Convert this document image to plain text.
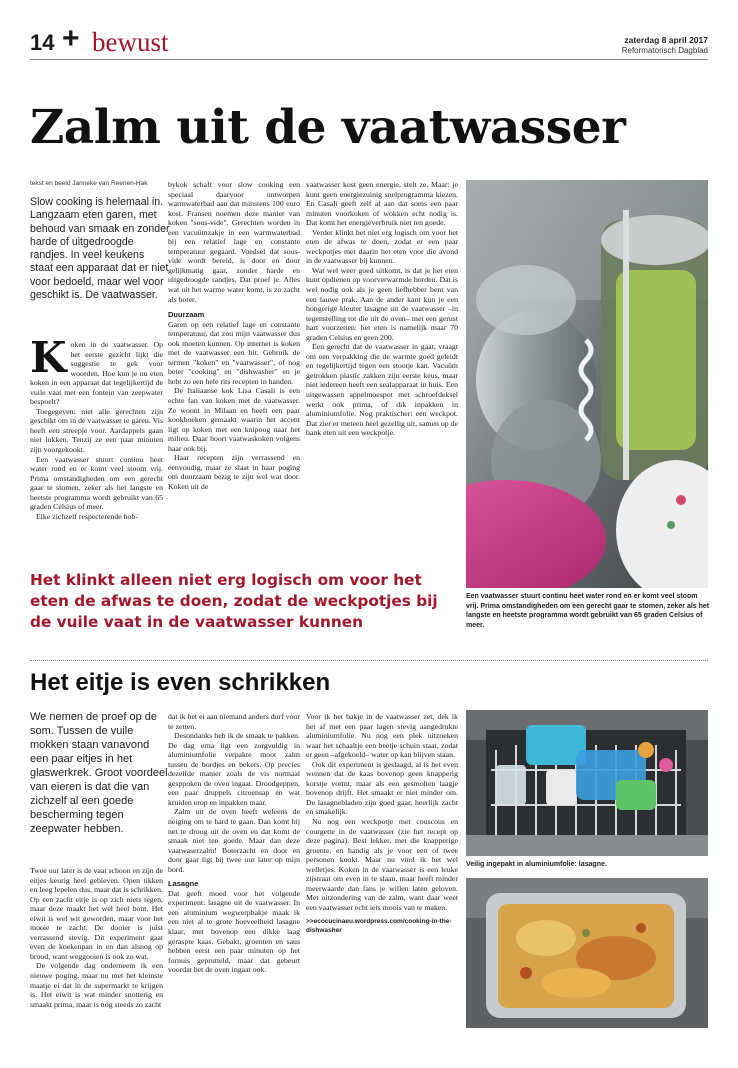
14 + bewust	zaterdag 8 april 2017
Reformatorisch Dagblad
Zalm uit de vaatwasser
tekst en beeld Janneke van Reenen-Hak
Slow cooking is helemaal in. Langzaam eten garen, met behoud van smaak en zonder harde of uitgedroogde randjes. In veel keukens staat een apparaat dat er niet voor bedoeld, maar wel voor geschikt is. De vaatwasser.
K oken in de vaatwasser. Op het eerste gezicht lijkt die suggestie te gek voor woorden. Hoe kun je nu eten koken in een apparaat dat tegelijkertijd de vuile vaat met een fontein van zeepwater bespoelt?

Toegegeven: niet alle gerechten zijn geschikt om in de vaatwasser te garen. Vis heeft een streepje voor. Aardappels gaan niet lukken. Tenzij ze een paar minuten zijn voorgekookt.

Een vaatwasser stuurt continu heet water rond en er komt veel stoom vrij. Prima omstandigheden om een gerecht gaar te stomen, zeker als het langste en heetste programma wordt gebruikt van 65 graden Celsius of meer.

Elke zichzelf respecterende hob-

bykok schaft voor slow cooking een speciaal daarvoor ontworpen warmwaterbad aan dat minstens 100 euro kost. Fransen noemen deze manier van koken "sous-vide". Gerechten worden in een vacuümzakje in een warmwaterbad bij een relatief lage en constante temperatuur gegaard. Voedsel dat sous-vide wordt bereid, is door en door gelijkmatig gaar, zonder harde en uitgedroogde randjes. Dat proef je. Alles wat uit het warme water komt, is zo zacht als boter.

Duurzaam

Garen op een relatief lage en constante temperatuur, dat zou mijn vaatwasser dus ook moeten kunnen. Op internet is koken met de vaatwasser een hit. Gebruik de termen "koken" en "vaatwasser", of nog beter "cooking" en "dishwasher" en je hebt zo een hele rits recepten in handen.

De Italiaanse kok Lisa Casali is een echte fan van koken met de vaatwasser. Ze woont in Milaan en heeft een paar kookboeken gemaakt waarin het accent ligt op koken met een knipoog naar het milieu. Daar hoort vaatwaskoken volgens haar ook bij.

Haar recepten zijn verrassend en eenvoudig, maar ze slaat in haar poging om duurzaam bezig te zijn wel wat door. Koken uit de

vaatwasser kost geen energie, stelt ze. Maar: je kunt geen energiezuinig snelprogramma kiezen. En Casali geeft zelf al aan dat soms een paar minuten voorkoken of wokken echt nodig is. Dat komt het energieverbruik niet ten goede.

Verder klinkt het niet erg logisch om voor het eten de afwas te doen, zodat er een paar weckpotjes met daarin het eten voor die avond in de vaatwasser bij kunnen.

Wat wel weer goed uitkomt, is dat je het eten kunt opdienen op voorverwarmde borden. Dat is wel nodig ook als je geen liefhebber bent van een lauwe prak. Aan de ander kant kun je een hongerige kleuter lasagne uit de vaatwasser –in tegenstelling tot die uit de oven– met een gerust hart voorzetten: het eten is namelijk maar 70 graden Celsius en geen 200.

Een gerecht dat de vaatwasser in gaat, vraagt om een verpakking die de warmte goed geleidt en tegelijkertijd tegen een stootje kan. Vacuüm getrokken plastic zakken zijn eerste keus, maar niet iedereen heeft een sealapparaat in huis. Een uitgewassen appelmoespot met schroefdeksel werkt ook prima, of dik inpakken in aluminiumfolie. Nog praktischer: een weckpot. Dat zier er meteen heel gezellig uit, samen op de bank eten uit een weckpotje.

Een vaatwasser stuurt continu heet water rond en er komt veel stoom vrij. Prima omstandigheden om een gerecht gaar te stomen, zeker als het langste en heetste programma wordt gebruikt van 65 graden Celsius of meer.
Het klinkt alleen niet erg logisch om voor het eten de afwas te doen, zodat de weckpotjes bij de vuile vaat in de vaatwasser kunnen
Het eitje is even schrikken
We nemen de proef op de som. Tussen de vuile mokken staan vanavond een paar eitjes in het glaswerkrek. Groot voordeel van eieren is dat die van zichzelf al een goede bescherming tegen zeepwater hebben.

Twee uur later is de vaat schoon en zijn de eitjes keurig heel gebleven. Open tikken en leeg lepelen dus, maar dat is schrikken. Op een zacht eitje is op zich niets tegen, maar deze maakt het wel heel bont. Het eiwit is wel wit geworden, maar voor het mooie te zacht. De dooier is juist verrassend stevig. Dit experiment gaat even de koekenpan in en dan alsnog op brood, want weggooien is ook zo wat.

De volgende dag onderneem ik een nieuwe poging, maar nu met het kleinste maatje ei dat in de supermarkt te krijgen is. Het eiwit is wat minder snotterig en smaakt prima, maar is nog steeds zo zacht

dat ik het ei aan niemand anders durf voor te zetten.

Desondanks heb ik de smaak te pakken. De dag erna ligt een zorgvuldig in aluminiumfolie verpakte moot zalm tussen de bordjes en bekers. Op precies dezelfde manier zoals de vis normaal gesppoken de oven ingaat. Droodgeppen, een paar druppels citroensap en wat kruiden erop en inpakken maar.

Zalm uit de oven heeft weleens de neiging om te hard te gaan. Dan komt hij net te droog uit de oven en dat komt de smaak niet ten goede. Maar dan deze vaatwaserzalm! Boterzacht en door en door gaar ligt hij twee uur later op mijn bord.

Lasagne

Dat geeft moed voor het volgende experiment: lasagne uit de vaatwasser. In een aluminium wegwerpbakje maak ik een niet al te grote hoeveelheid lasagne klaar, met bovenop een dikke laag geraspte kaas. Gebakt, groenten en saus hebben eerst een paar minuten op het fornuis geprutteld, maar dat gebeurt voordat het de oven ingaat ook.

Voor ik het bakje in de vaatwasser zet, dek ik het af met een paar lagen stevig aangedrukte aluminiumfolie. Nu nog een plek uitzoeken waar het schaaltje een beetje schuin staat, zodat er geen –afgekoeld– water op kan blijven staan.

Ook dit experiment is geslaagd, al is het even wennen dat de kaas bovenop geen knapperig korstje vormt, maar als een gesmolten laagje bovenop drijft. Het smaakt er niet minder om. De lasagnebladen zijn goed gaar, heerlijk zacht en smakelijk.

Nu nog een weckpotje met couscous en courgette in de vaatwasser (zie het recept op deze pagina). Best lekker, met die knapperige groente, en handig als je voor een of twee personen kookt. Maar nu vind ik het wel welletjes. Koken in de vaatwasser is een leuke zijstraat om even in te slaan, maar heeft minder meerwaarde dan fans je willen laten geloven. Met uitzondering van de zalm, want daar weet een vaatwasser echt iets moois van te maken.

>>ecocucinaeu.wordpress.com/cooking-in-the-dishwasher

Veilig ingepakt in aluminiumfolie: lasagne.
